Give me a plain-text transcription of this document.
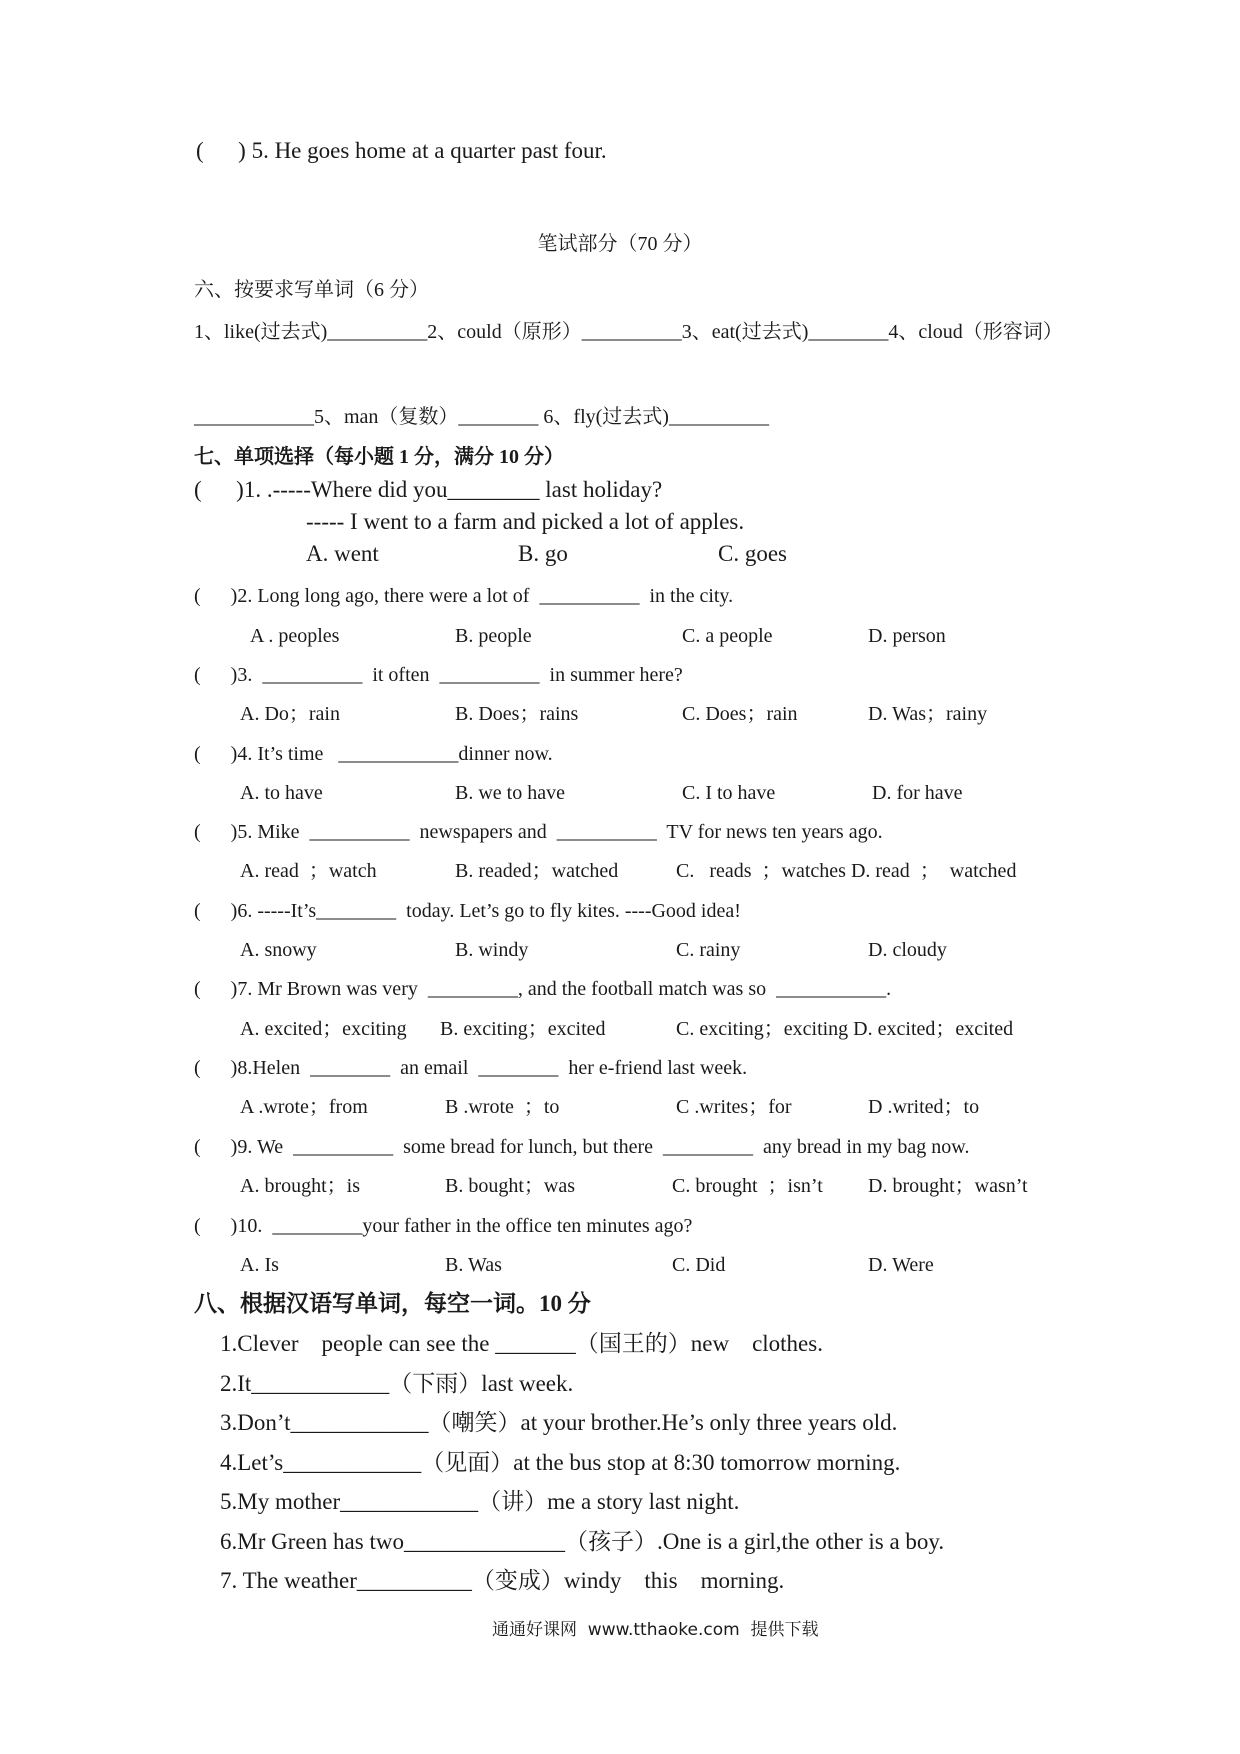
(      ) 5. He goes home at a quarter past four.
笔试部分（70 分）
六、按要求写单词（6 分）
1、like(过去式)__________2、could（原形）__________3、eat(过去式)________4、cloud（形容词）
____________5、man（复数）________ 6、fly(过去式)__________
七、单项选择（每小题 1 分，满分 10 分）
(      )1. .-----Where did you________ last holiday?
----- I went to a farm and picked a lot of apples.

A. went

	B. go

	C. goes

(      )2. Long long ago, there were a lot of  __________  in the city.

A . peoples

	B. people

	C. a people

	D. person

(      )3.  __________  it often  __________  in summer here?

A. Do；rain

	B. Does；rains

	C. Does；rain

	D. Was；rainy

(      )4. It’s time   ____________dinner now.

A. to have

	B. we to have

	C. I to have

	D. for have

(      )5. Mike  __________  newspapers and  __________  TV for news ten years ago.

A. read  ；watch

	B. readed；watched

	C.   reads  ；watches D. read  ；  watched

(      )6. -----It’s________  today. Let’s go to fly kites. ----Good idea!

A. snowy

	B. windy

	C. rainy

	D. cloudy

(      )7. Mr Brown was very  _________, and the football match was so  ___________.

A. excited；exciting

B. exciting；excited

	C. exciting；exciting D. excited；excited

(      )8.Helen  ________  an email  ________  her e-friend last week.

A .wrote；from

	B .wrote  ；to

	C .writes；for

	D .writed；to

(      )9. We  __________  some bread for lunch, but there  _________  any bread in my bag now.

A. brought；is

	B. bought；was

	C. brought  ；isn’t

D. brought；wasn’t

(      )10.  _________your father in the office ten minutes ago?

A. Is

	B. Was

	C. Did

	D. Were

八、根据汉语写单词，每空一词。10 分
1.Clever    people can see the _______（国王的）new    clothes.
2.It____________（下雨）last week.
3.Don’t____________（嘲笑）at your brother.He’s only three years old.
4.Let’s____________（见面）at the bus stop at 8:30 tomorrow morning.
5.My mother____________（讲）me a story last night.
6.Mr Green has two______________（孩子）.One is a girl,the other is a boy.
7. The weather__________（变成）windy    this    morning.
通通好课网  www.tthaoke.com  提供下载
